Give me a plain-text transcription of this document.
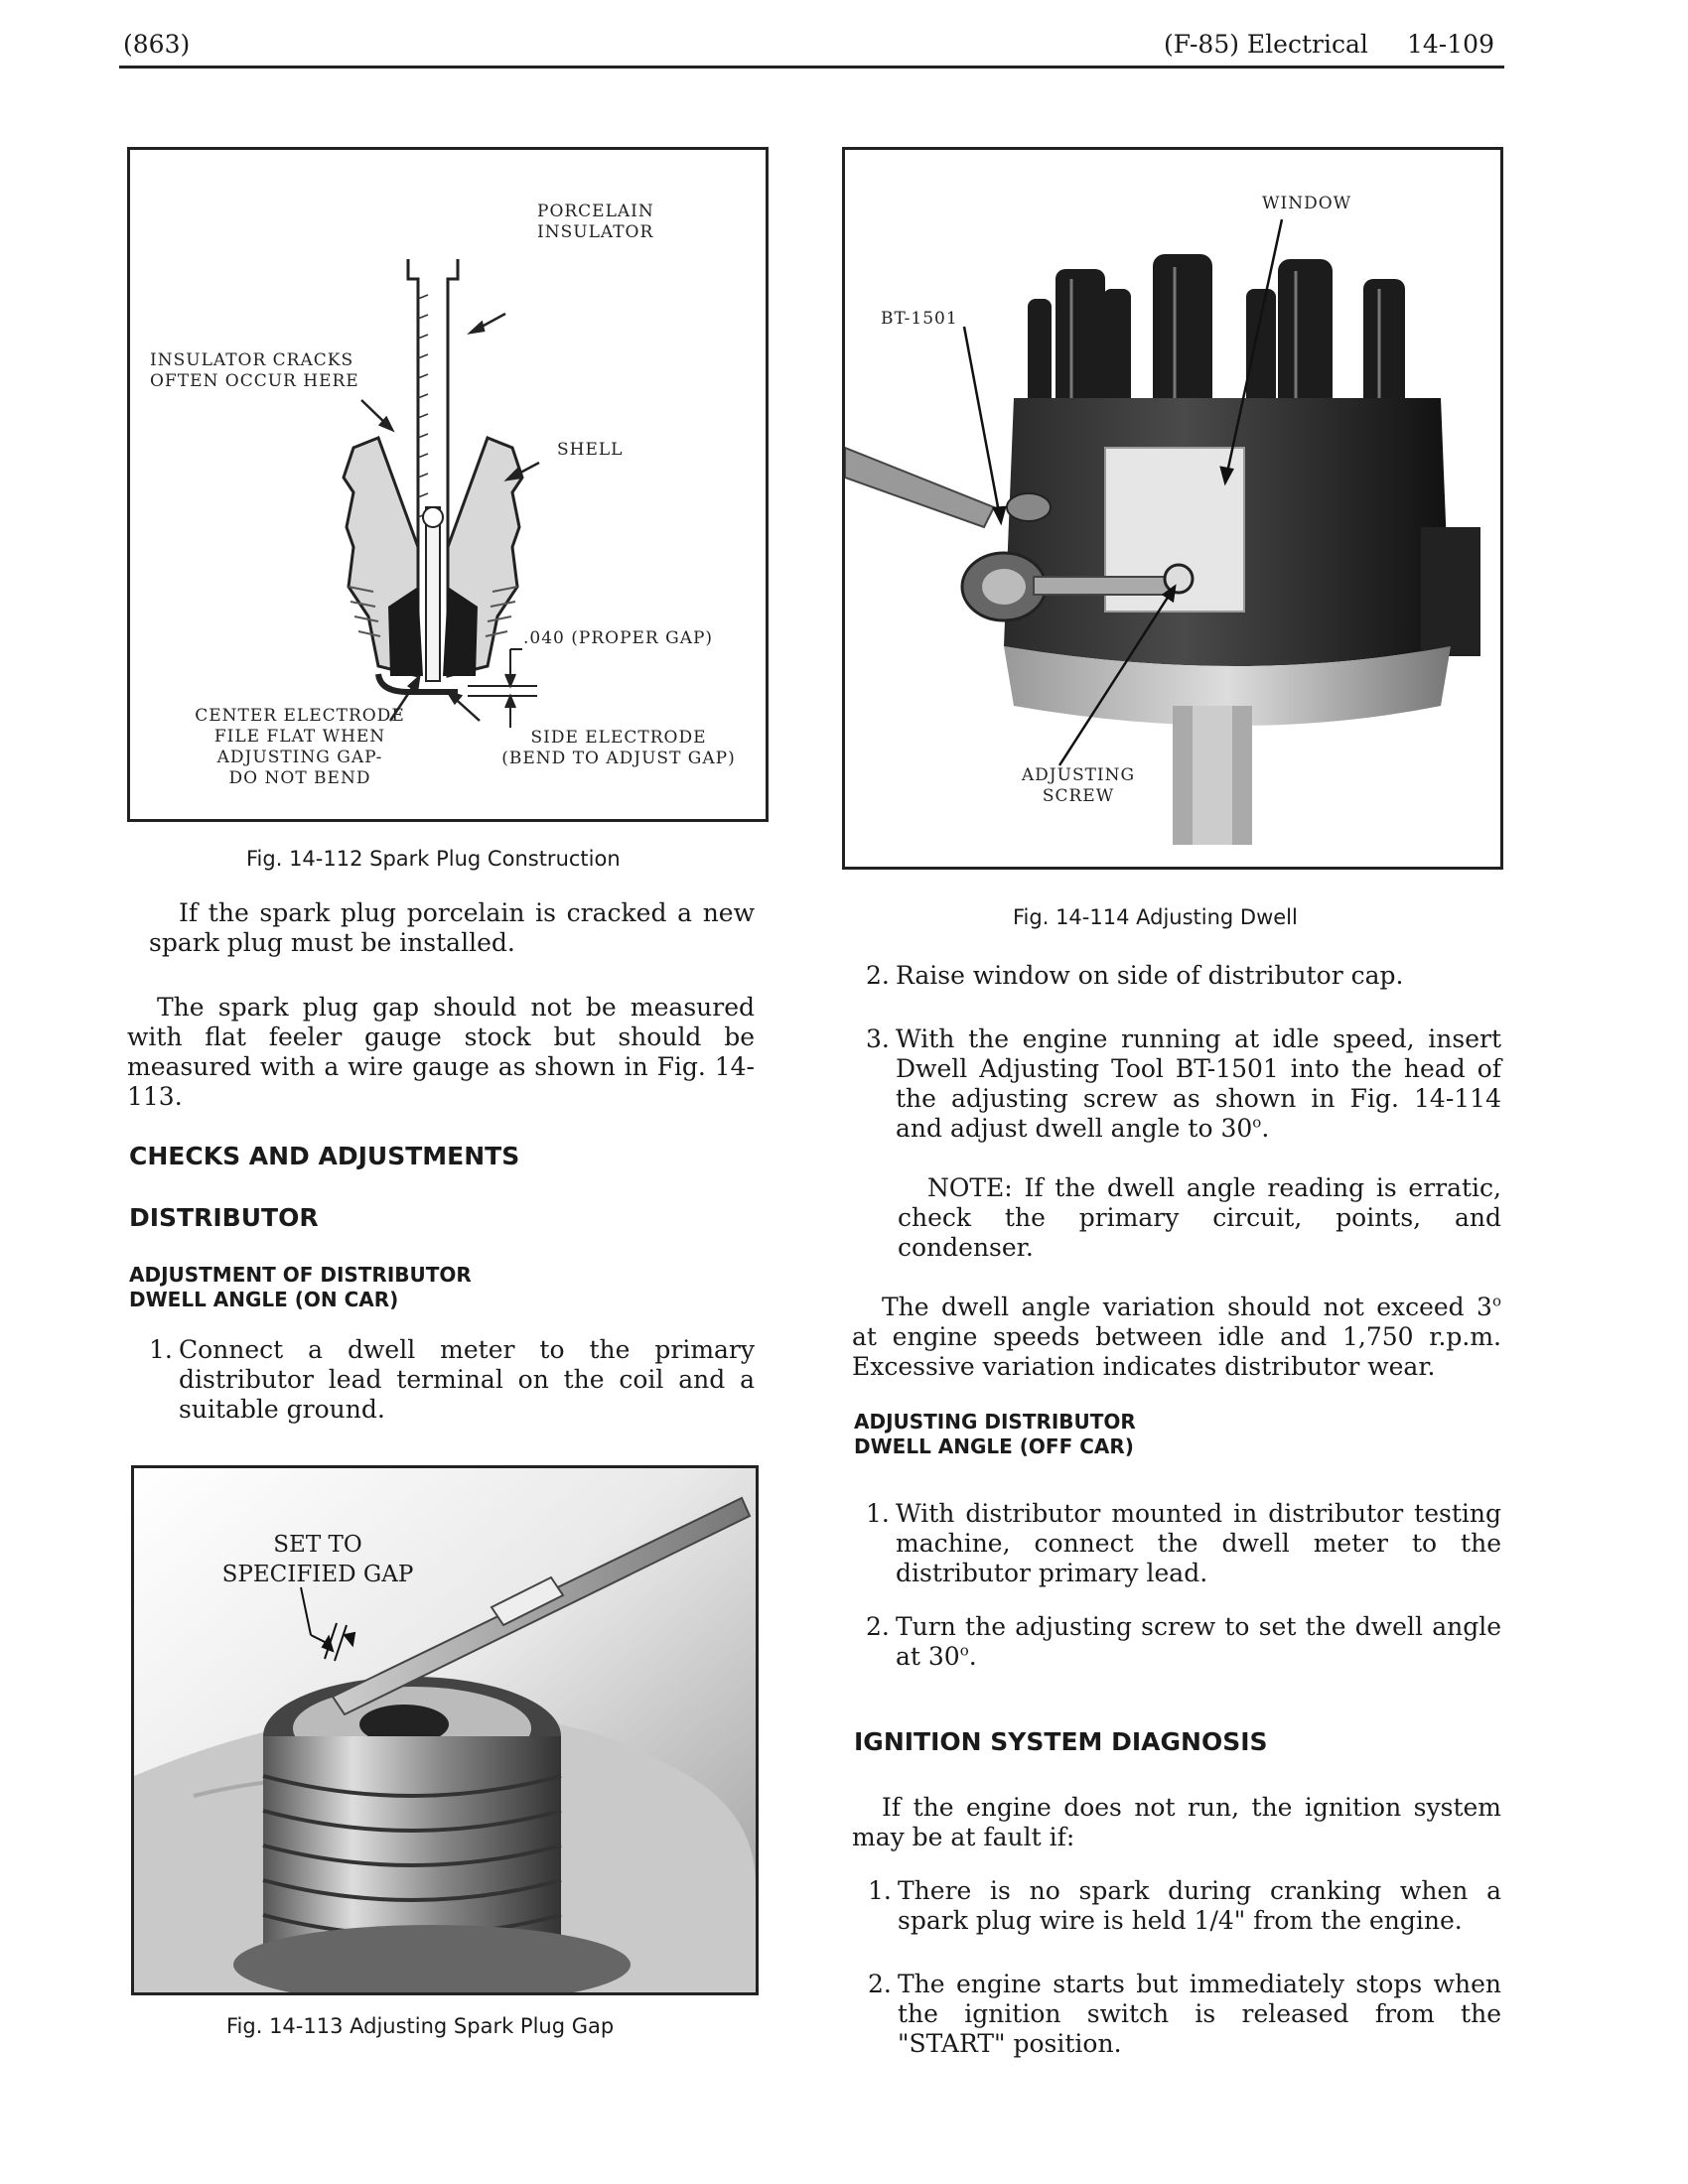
(863)	(F-85) Electrical 14-109
PORCELAIN
INSULATOR
INSULATOR CRACKS
OFTEN OCCUR HERE
SHELL
.040 (PROPER GAP)
CENTER ELECTRODE
FILE FLAT WHEN
ADJUSTING GAP-
DO NOT BEND
SIDE ELECTRODE
(BEND TO ADJUST GAP)
Fig. 14-112 Spark Plug Construction
If the spark plug porcelain is cracked a new spark plug must be installed.
The spark plug gap should not be measured with flat feeler gauge stock but should be measured with a wire gauge as shown in Fig. 14-113.
CHECKS AND ADJUSTMENTS
DISTRIBUTOR
ADJUSTMENT OF DISTRIBUTOR
DWELL ANGLE (ON CAR)
1. Connect a dwell meter to the primary distributor lead terminal on the coil and a suitable ground.
SET TO
SPECIFIED GAP
Fig. 14-113 Adjusting Spark Plug Gap
WINDOW
BT-1501
ADJUSTING
SCREW
Fig. 14-114 Adjusting Dwell
2. Raise window on side of distributor cap.
3. With the engine running at idle speed, insert Dwell Adjusting Tool BT-1501 into the head of the adjusting screw as shown in Fig. 14-114 and adjust dwell angle to 30$^o$.
NOTE: If the dwell angle reading is erratic, check the primary circuit, points, and condenser.
The dwell angle variation should not exceed 3$^o$ at engine speeds between idle and 1,750 r.p.m. Excessive variation indicates distributor wear.
ADJUSTING DISTRIBUTOR
DWELL ANGLE (OFF CAR)
1. With distributor mounted in distributor testing machine, connect the dwell meter to the distributor primary lead.
2. Turn the adjusting screw to set the dwell angle at 30$^o$.
IGNITION SYSTEM DIAGNOSIS
If the engine does not run, the ignition system may be at fault if:
1. There is no spark during cranking when a spark plug wire is held 1/4" from the engine.
2. The engine starts but immediately stops when the ignition switch is released from the "START" position.
